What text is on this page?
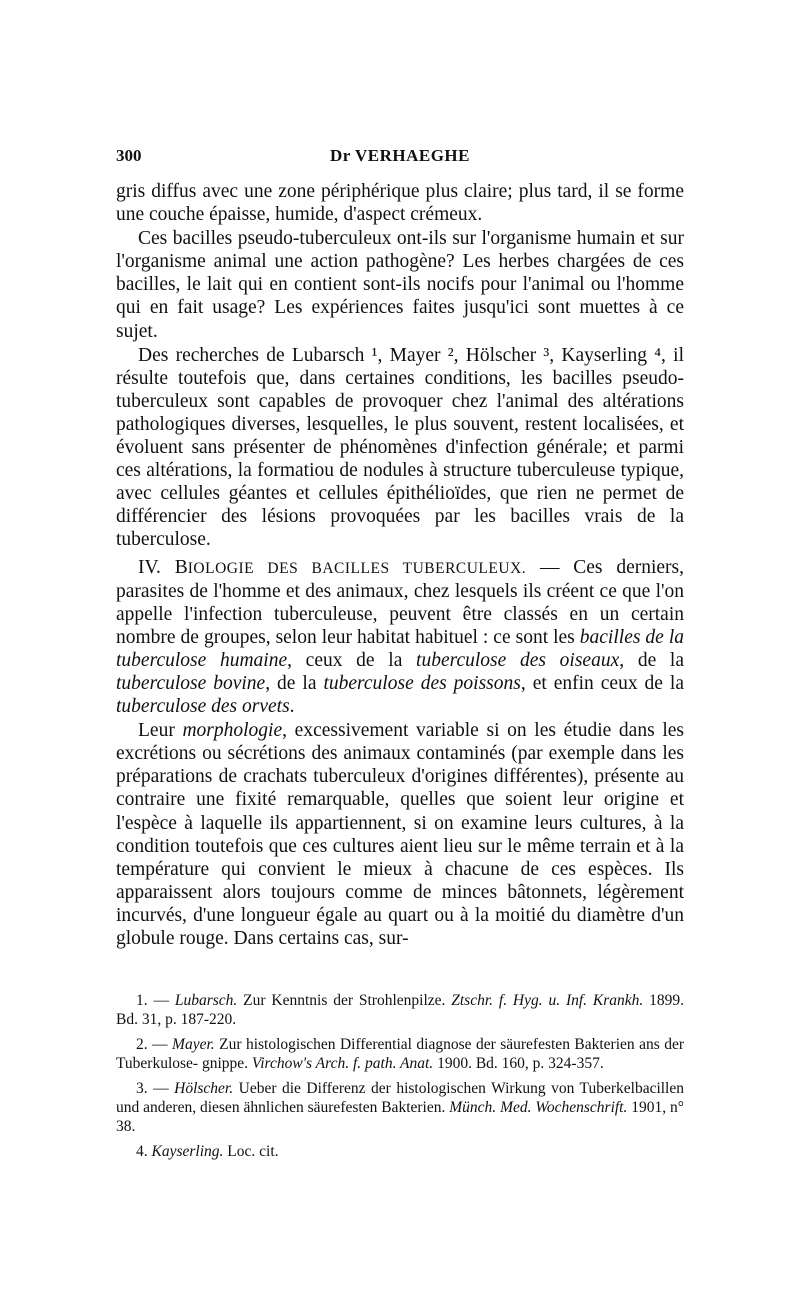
300	Dr VERHAEGHE

gris diffus avec une zone périphérique plus claire; plus tard, il se forme une couche épaisse, humide, d'aspect crémeux.

Ces bacilles pseudo-tuberculeux ont-ils sur l'organisme humain et sur l'organisme animal une action pathogène? Les herbes chargées de ces bacilles, le lait qui en contient sont-ils nocifs pour l'animal ou l'homme qui en fait usage? Les expériences faites jusqu'ici sont muettes à ce sujet.

Des recherches de Lubarsch ¹, Mayer ², Hölscher ³, Kayserling ⁴, il résulte toutefois que, dans certaines conditions, les bacilles pseudo-tuberculeux sont capables de provoquer chez l'animal des altérations pathologiques diverses, lesquelles, le plus souvent, restent localisées, et évoluent sans présenter de phénomènes d'infection générale; et parmi ces altérations, la formatiou de nodules à structure tuberculeuse typique, avec cellules géantes et cellules épithélioïdes, que rien ne permet de différencier des lésions provoquées par les bacilles vrais de la tuberculose.

IV. BIOLOGIE DES BACILLES TUBERCULEUX. — Ces derniers, parasites de l'homme et des animaux, chez lesquels ils créent ce que l'on appelle l'infection tuberculeuse, peuvent être classés en un certain nombre de groupes, selon leur habitat habituel : ce sont les bacilles de la tuberculose humaine, ceux de la tuberculose des oiseaux, de la tuberculose bovine, de la tuberculose des poissons, et enfin ceux de la tuberculose des orvets.

Leur morphologie, excessivement variable si on les étudie dans les excrétions ou sécrétions des animaux contaminés (par exemple dans les préparations de crachats tuberculeux d'origines différentes), présente au contraire une fixité remarquable, quelles que soient leur origine et l'espèce à laquelle ils appartiennent, si on examine leurs cultures, à la condition toutefois que ces cultures aient lieu sur le même terrain et à la température qui convient le mieux à chacune de ces espèces. Ils apparaissent alors toujours comme de minces bâtonnets, légèrement incurvés, d'une longueur égale au quart ou à la moitié du diamètre d'un globule rouge. Dans certains cas, sur-

1. — Lubarsch. Zur Kenntnis der Strohlenpilze. Ztschr. f. Hyg. u. Inf. Krankh. 1899. Bd. 31, p. 187-220.

2. — Mayer. Zur histologischen Differential diagnose der säurefesten Bakterien ans der Tuberkulose- gnippe. Virchow's Arch. f. path. Anat. 1900. Bd. 160, p. 324-357.

3. — Hölscher. Ueber die Differenz der histologischen Wirkung von Tuberkelbacillen und anderen, diesen ähnlichen säurefesten Bakterien. Münch. Med. Wochenschrift. 1901, n° 38.

4. Kayserling. Loc. cit.
